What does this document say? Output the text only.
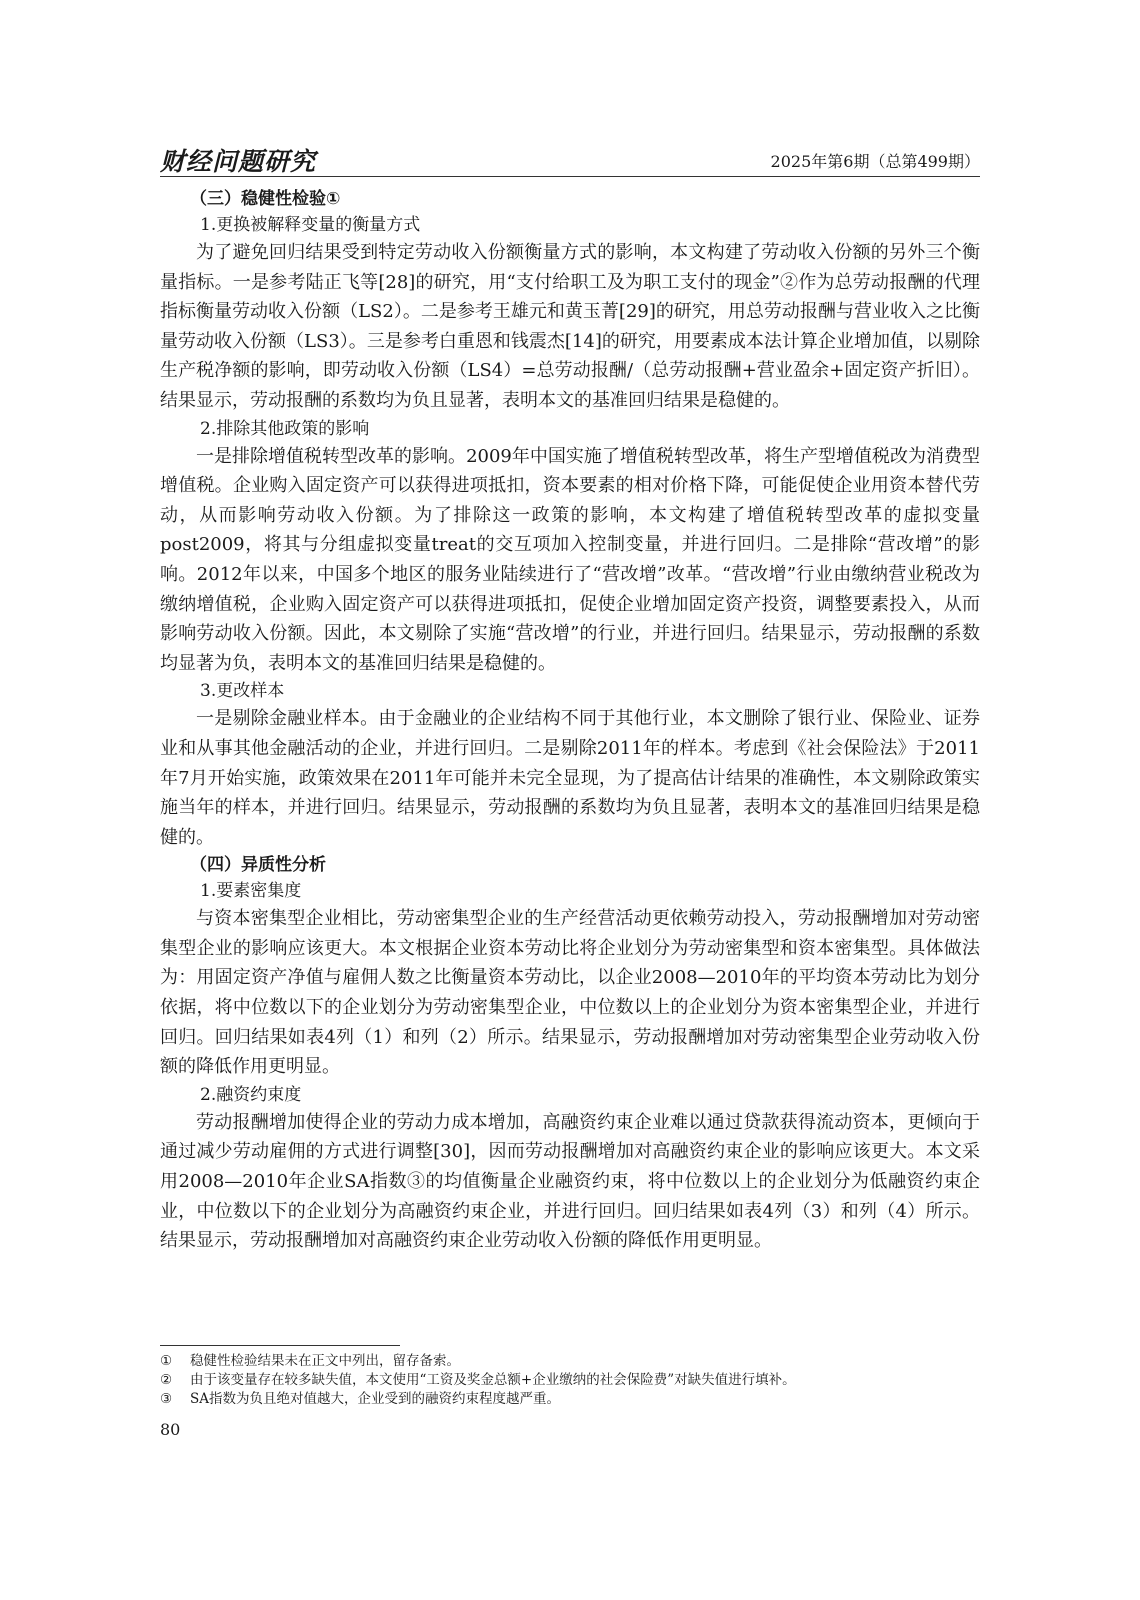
财经问题研究	2025年第6期（总第499期）
（三）稳健性检验①
1.更换被解释变量的衡量方式

为了避免回归结果受到特定劳动收入份额衡量方式的影响，本文构建了劳动收入份额的另外三个衡量指标。一是参考陆正飞等[28]的研究，用“支付给职工及为职工支付的现金”②作为总劳动报酬的代理指标衡量劳动收入份额（LS2）。二是参考王雄元和黄玉菁[29]的研究，用总劳动报酬与营业收入之比衡量劳动收入份额（LS3）。三是参考白重恩和钱震杰[14]的研究，用要素成本法计算企业增加值，以剔除生产税净额的影响，即劳动收入份额（LS4）=总劳动报酬/（总劳动报酬+营业盈余+固定资产折旧）。结果显示，劳动报酬的系数均为负且显著，表明本文的基准回归结果是稳健的。

2.排除其他政策的影响

一是排除增值税转型改革的影响。2009年中国实施了增值税转型改革，将生产型增值税改为消费型增值税。企业购入固定资产可以获得进项抵扣，资本要素的相对价格下降，可能促使企业用资本替代劳动，从而影响劳动收入份额。为了排除这一政策的影响，本文构建了增值税转型改革的虚拟变量post2009，将其与分组虚拟变量treat的交互项加入控制变量，并进行回归。二是排除“营改增”的影响。2012年以来，中国多个地区的服务业陆续进行了“营改增”改革。“营改增”行业由缴纳营业税改为缴纳增值税，企业购入固定资产可以获得进项抵扣，促使企业增加固定资产投资，调整要素投入，从而影响劳动收入份额。因此，本文剔除了实施“营改增”的行业，并进行回归。结果显示，劳动报酬的系数均显著为负，表明本文的基准回归结果是稳健的。

3.更改样本

一是剔除金融业样本。由于金融业的企业结构不同于其他行业，本文删除了银行业、保险业、证券业和从事其他金融活动的企业，并进行回归。二是剔除2011年的样本。考虑到《社会保险法》于2011年7月开始实施，政策效果在2011年可能并未完全显现，为了提高估计结果的准确性，本文剔除政策实施当年的样本，并进行回归。结果显示，劳动报酬的系数均为负且显著，表明本文的基准回归结果是稳健的。

（四）异质性分析
1.要素密集度

与资本密集型企业相比，劳动密集型企业的生产经营活动更依赖劳动投入，劳动报酬增加对劳动密集型企业的影响应该更大。本文根据企业资本劳动比将企业划分为劳动密集型和资本密集型。具体做法为：用固定资产净值与雇佣人数之比衡量资本劳动比，以企业2008—2010年的平均资本劳动比为划分依据，将中位数以下的企业划分为劳动密集型企业，中位数以上的企业划分为资本密集型企业，并进行回归。回归结果如表4列（1）和列（2）所示。结果显示，劳动报酬增加对劳动密集型企业劳动收入份额的降低作用更明显。

2.融资约束度

劳动报酬增加使得企业的劳动力成本增加，高融资约束企业难以通过贷款获得流动资本，更倾向于通过减少劳动雇佣的方式进行调整[30]，因而劳动报酬增加对高融资约束企业的影响应该更大。本文采用2008—2010年企业SA指数③的均值衡量企业融资约束，将中位数以上的企业划分为低融资约束企业，中位数以下的企业划分为高融资约束企业，并进行回归。回归结果如表4列（3）和列（4）所示。结果显示，劳动报酬增加对高融资约束企业劳动收入份额的降低作用更明显。

① 稳健性检验结果未在正文中列出，留存备索。
② 由于该变量存在较多缺失值，本文使用“工资及奖金总额+企业缴纳的社会保险费”对缺失值进行填补。
③ SA指数为负且绝对值越大，企业受到的融资约束程度越严重。
80
